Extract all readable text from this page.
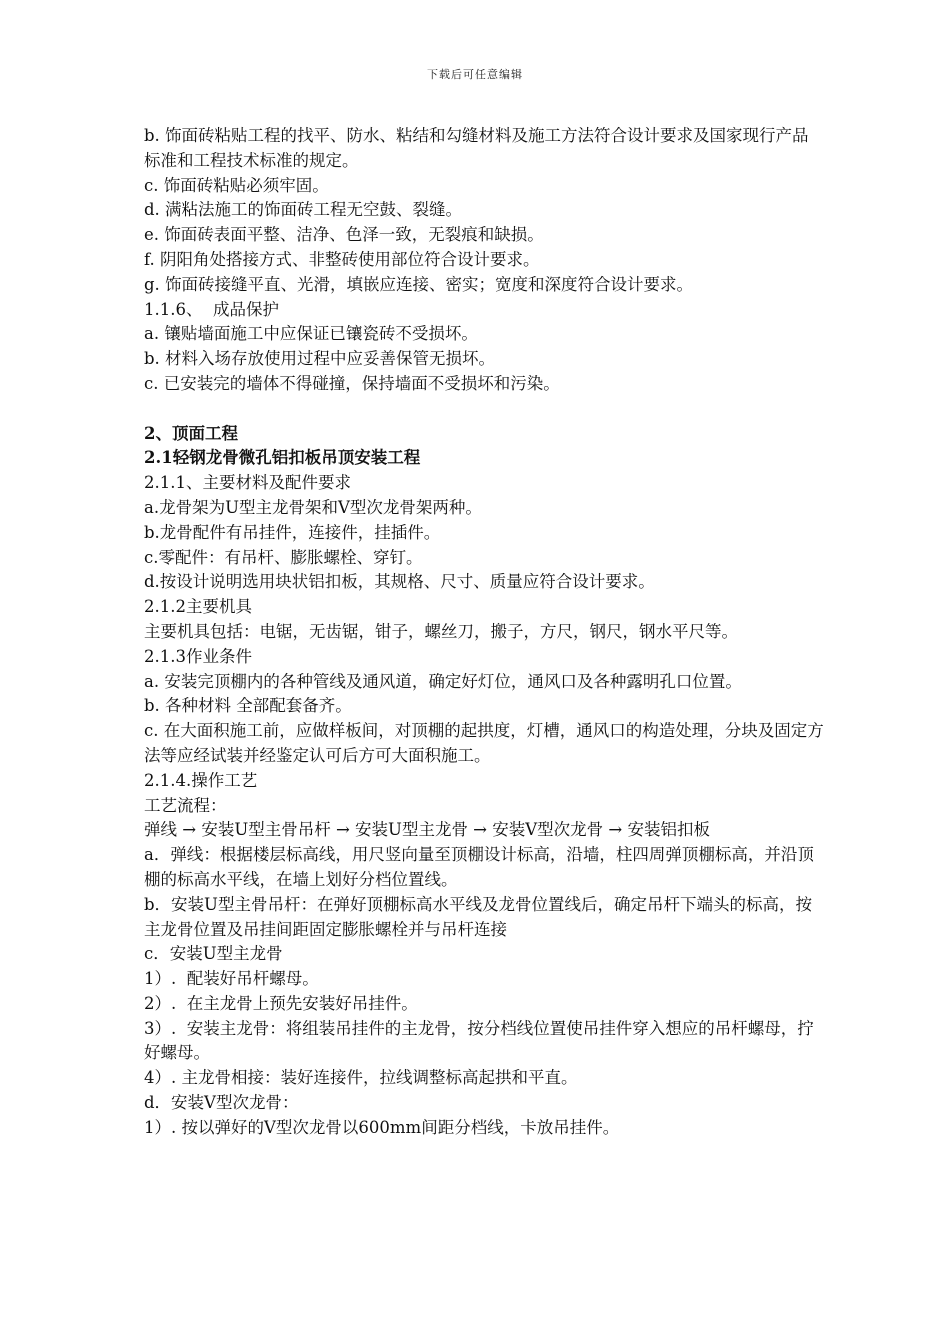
下载后可任意编辑
b. 饰面砖粘贴工程的找平、防水、粘结和勾缝材料及施工方法符合设计要求及国家现行产品标准和工程技术标准的规定。
c. 饰面砖粘贴必须牢固。
d. 满粘法施工的饰面砖工程无空鼓、裂缝。
e. 饰面砖表面平整、洁净、色泽一致，无裂痕和缺损。
f. 阴阳角处搭接方式、非整砖使用部位符合设计要求。
g. 饰面砖接缝平直、光滑，填嵌应连接、密实；宽度和深度符合设计要求。
1.1.6、  成品保护
a. 镶贴墙面施工中应保证已镶瓷砖不受损坏。
b. 材料入场存放使用过程中应妥善保管无损坏。
c. 已安装完的墙体不得碰撞，保持墙面不受损坏和污染。
2、顶面工程
2.1轻钢龙骨微孔铝扣板吊顶安装工程
2.1.1、主要材料及配件要求
a.龙骨架为U型主龙骨架和V型次龙骨架两种。
b.龙骨配件有吊挂件，连接件，挂插件。
c.零配件：有吊杆、膨胀螺栓、穿钉。
d.按设计说明选用块状铝扣板，其规格、尺寸、质量应符合设计要求。
2.1.2主要机具
主要机具包括：电锯，无齿锯，钳子，螺丝刀，搬子，方尺，钢尺，钢水平尺等。
2.1.3作业条件
a. 安装完顶棚内的各种管线及通风道，确定好灯位，通风口及各种露明孔口位置。
b. 各种材料 全部配套备齐。
c. 在大面积施工前，应做样板间，对顶棚的起拱度，灯槽，通风口的构造处理，分块及固定方法等应经试装并经鉴定认可后方可大面积施工。
2.1.4.操作工艺
工艺流程：
弹线 → 安装U型主骨吊杆 → 安装U型主龙骨 → 安装V型次龙骨 → 安装铝扣板
a．弹线：根据楼层标高线，用尺竖向量至顶棚设计标高，沿墙，柱四周弹顶棚标高，并沿顶棚的标高水平线，在墙上划好分档位置线。
b．安装U型主骨吊杆：在弹好顶棚标高水平线及龙骨位置线后，确定吊杆下端头的标高，按主龙骨位置及吊挂间距固定膨胀螺栓并与吊杆连接
c．安装U型主龙骨
1）.  配装好吊杆螺母。
2）.  在主龙骨上预先安装好吊挂件。
3）.  安装主龙骨：将组装吊挂件的主龙骨，按分档线位置使吊挂件穿入想应的吊杆螺母，拧好螺母。
4）. 主龙骨相接：装好连接件，拉线调整标高起拱和平直。
d．安装V型次龙骨：
1）. 按以弹好的V型次龙骨以600mm间距分档线，卡放吊挂件。
